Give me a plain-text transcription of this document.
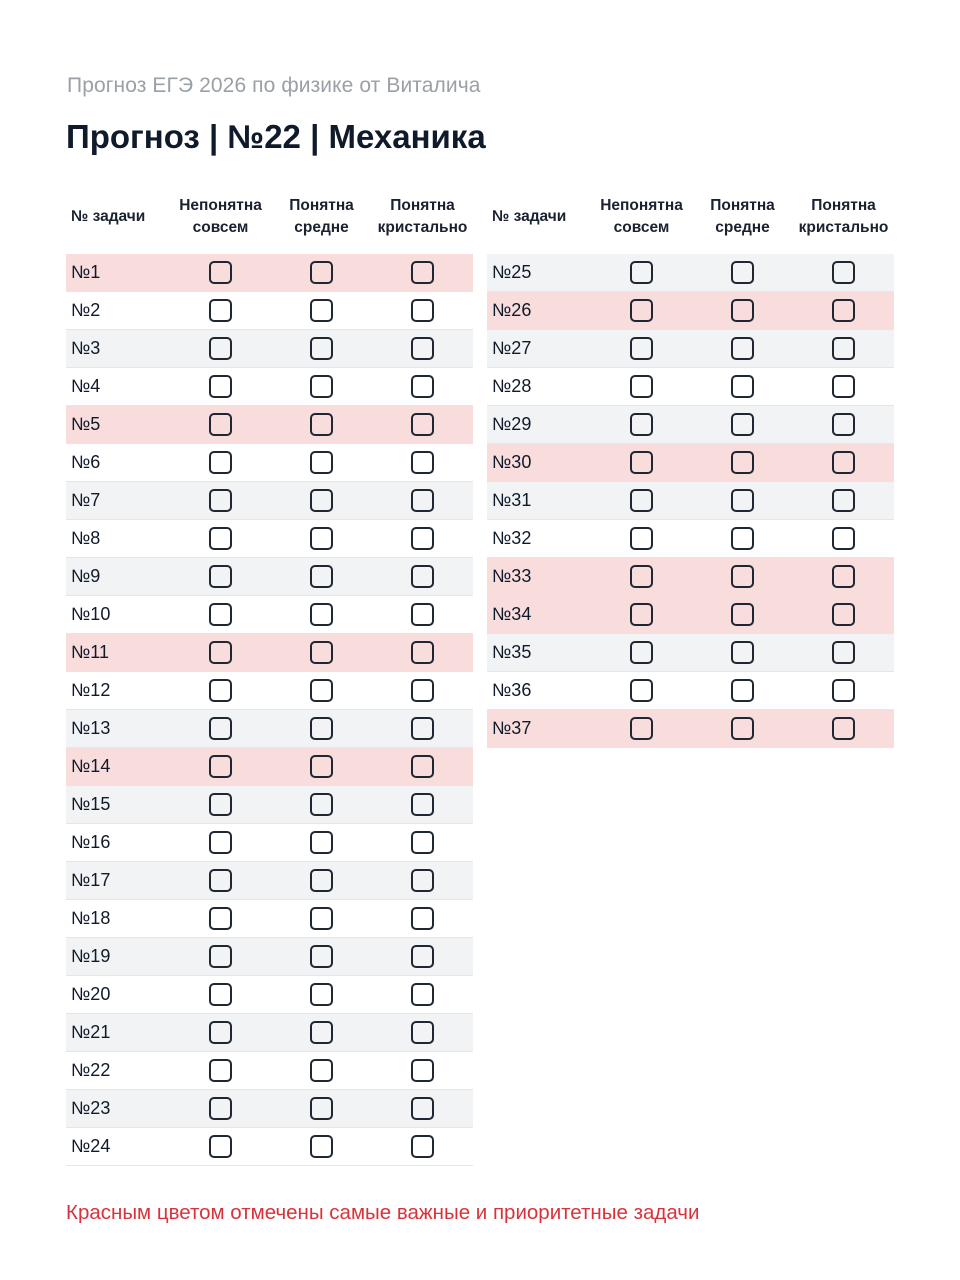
Прогноз ЕГЭ 2026 по физике от Виталича
Прогноз | №22 | Механика
№ задачи
Непонятна
совсем
Понятна
средне
Понятна
кристально
№1
№2
№3
№4
№5
№6
№7
№8
№9
№10
№11
№12
№13
№14
№15
№16
№17
№18
№19
№20
№21
№22
№23
№24
№ задачи
Непонятна
совсем
Понятна
средне
Понятна
кристально
№25
№26
№27
№28
№29
№30
№31
№32
№33
№34
№35
№36
№37
Красным цветом отмечены самые важные и приоритетные задачи
